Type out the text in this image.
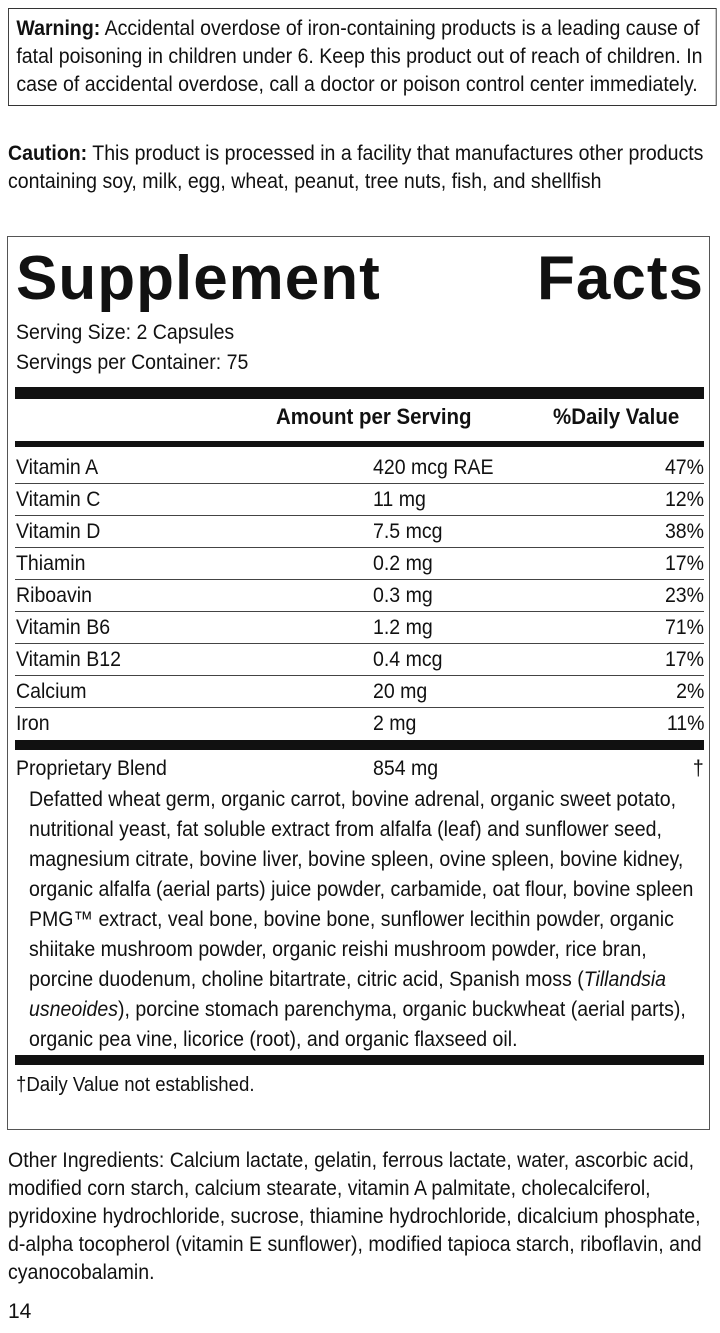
Warning: Accidental overdose of iron-containing products is a leading cause of fatal poisoning in children under 6. Keep this product out of reach of children. In case of accidental overdose, call a doctor or poison control center immediately.
Caution: This product is processed in a facility that manufactures other products containing soy, milk, egg, wheat, peanut, tree nuts, fish, and shellfish
Supplement	Facts
Serving Size: 2 Capsules
Servings per Container: 75
Amount per Serving	%Daily Value
Vitamin A	420 mcg RAE	47%
Vitamin C	11 mg	12%
Vitamin D	7.5 mcg	38%
Thiamin	0.2 mg	17%
Riboavin	0.3 mg	23%
Vitamin B6	1.2 mg	71%
Vitamin B12	0.4 mcg	17%
Calcium	20 mg	2%
Iron	2 mg	11%
Proprietary Blend	854 mg	†
Defatted wheat germ, organic carrot, bovine adrenal, organic sweet potato, nutritional yeast, fat soluble extract from alfalfa (leaf) and sunflower seed, magnesium citrate, bovine liver, bovine spleen, ovine spleen, bovine kidney, organic alfalfa (aerial parts) juice powder, carbamide, oat flour, bovine spleen PMG™ extract, veal bone, bovine bone, sunflower lecithin powder, organic shiitake mushroom powder, organic reishi mushroom powder, rice bran, porcine duodenum, choline bitartrate, citric acid, Spanish moss (Tillandsia usneoides), porcine stomach parenchyma, organic buckwheat (aerial parts), organic pea vine, licorice (root), and organic flaxseed oil.
†Daily Value not established.
Other Ingredients: Calcium lactate, gelatin, ferrous lactate, water, ascorbic acid, modified corn starch, calcium stearate, vitamin A palmitate, cholecalciferol, pyridoxine hydrochloride, sucrose, thiamine hydrochloride, dicalcium phosphate, d-alpha tocopherol (vitamin E sunflower), modified tapioca starch, riboflavin, and cyanocobalamin.
14
